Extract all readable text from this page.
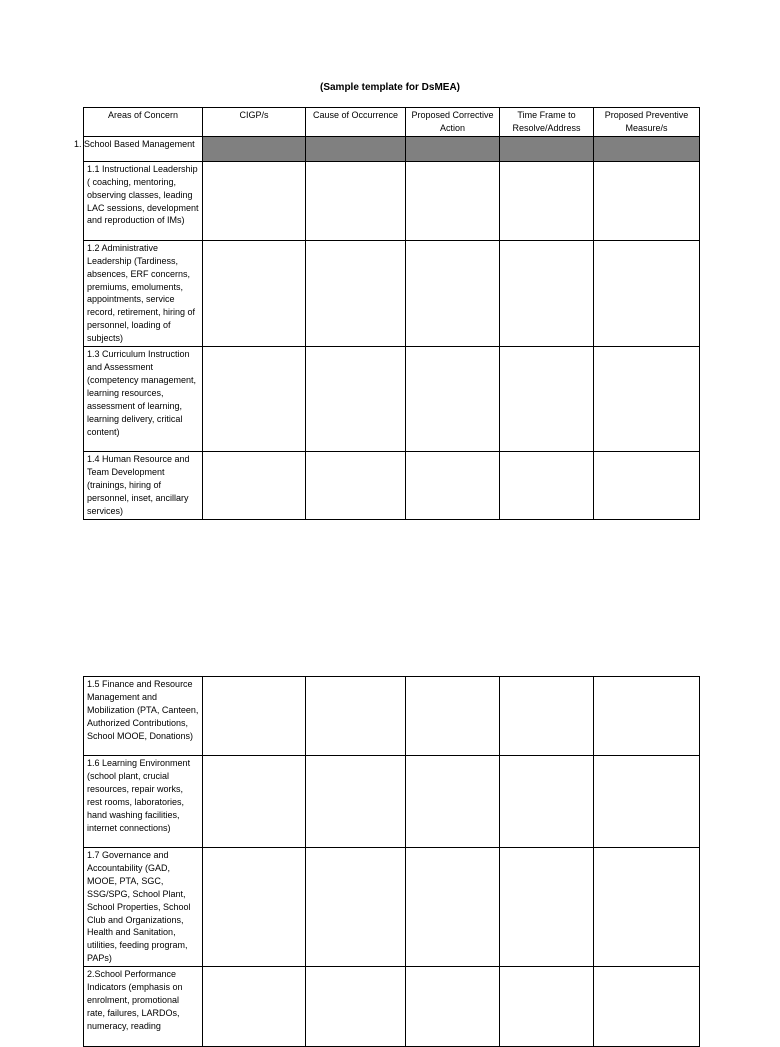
(Sample template for DsMEA)
Areas of Concern	CIGP/s	Cause of Occurrence	Proposed Corrective Action	Time Frame to Resolve/Address	Proposed Preventive Measure/s
1. School Based Management					
1.1 Instructional Leadership ( coaching, mentoring, observing classes, leading LAC sessions, development and reproduction of IMs)					
1.2 Administrative Leadership (Tardiness, absences, ERF concerns, premiums, emoluments, appointments, service record, retirement, hiring of personnel, loading of subjects)					
1.3 Curriculum Instruction and Assessment (competency management, learning resources, assessment of learning, learning delivery, critical content)					
1.4 Human Resource and Team Development (trainings, hiring of personnel, inset, ancillary services)					
1.5 Finance and Resource Management and Mobilization (PTA, Canteen, Authorized Contributions, School MOOE, Donations)					
1.6 Learning Environment (school plant, crucial resources, repair works, rest rooms, laboratories, hand washing facilities, internet connections)					
1.7 Governance and Accountability (GAD, MOOE, PTA, SGC, SSG/SPG, School Plant, School Properties, School Club and Organizations, Health and Sanitation, utilities, feeding program, PAPs)					
2.School Performance Indicators (emphasis on enrolment, promotional rate, failures, LARDOs, numeracy, reading					
